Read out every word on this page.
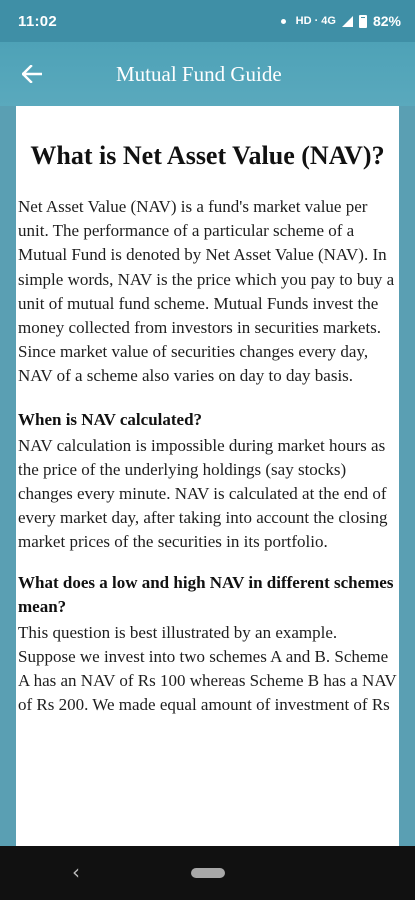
11:02	HD · 4G	82%
Mutual Fund Guide
What is Net Asset Value (NAV)?

Net Asset Value (NAV) is a fund's market value per unit. The performance of a particular scheme of a Mutual Fund is denoted by Net Asset Value (NAV). In simple words, NAV is the price which you pay to buy a unit of mutual fund scheme. Mutual Funds invest the money collected from investors in securities markets. Since market value of securities changes every day, NAV of a scheme also varies on day to day basis.

When is NAV calculated?

NAV calculation is impossible during market hours as the price of the underlying holdings (say stocks) changes every minute. NAV is calculated at the end of every market day, after taking into account the closing market prices of the securities in its portfolio.

What does a low and high NAV in different schemes mean?

This question is best illustrated by an example. Suppose we invest into two schemes A and B. Scheme A has an NAV of Rs 100 whereas Scheme B has a NAV of Rs 200. We made equal amount of investment of Rs

‹
